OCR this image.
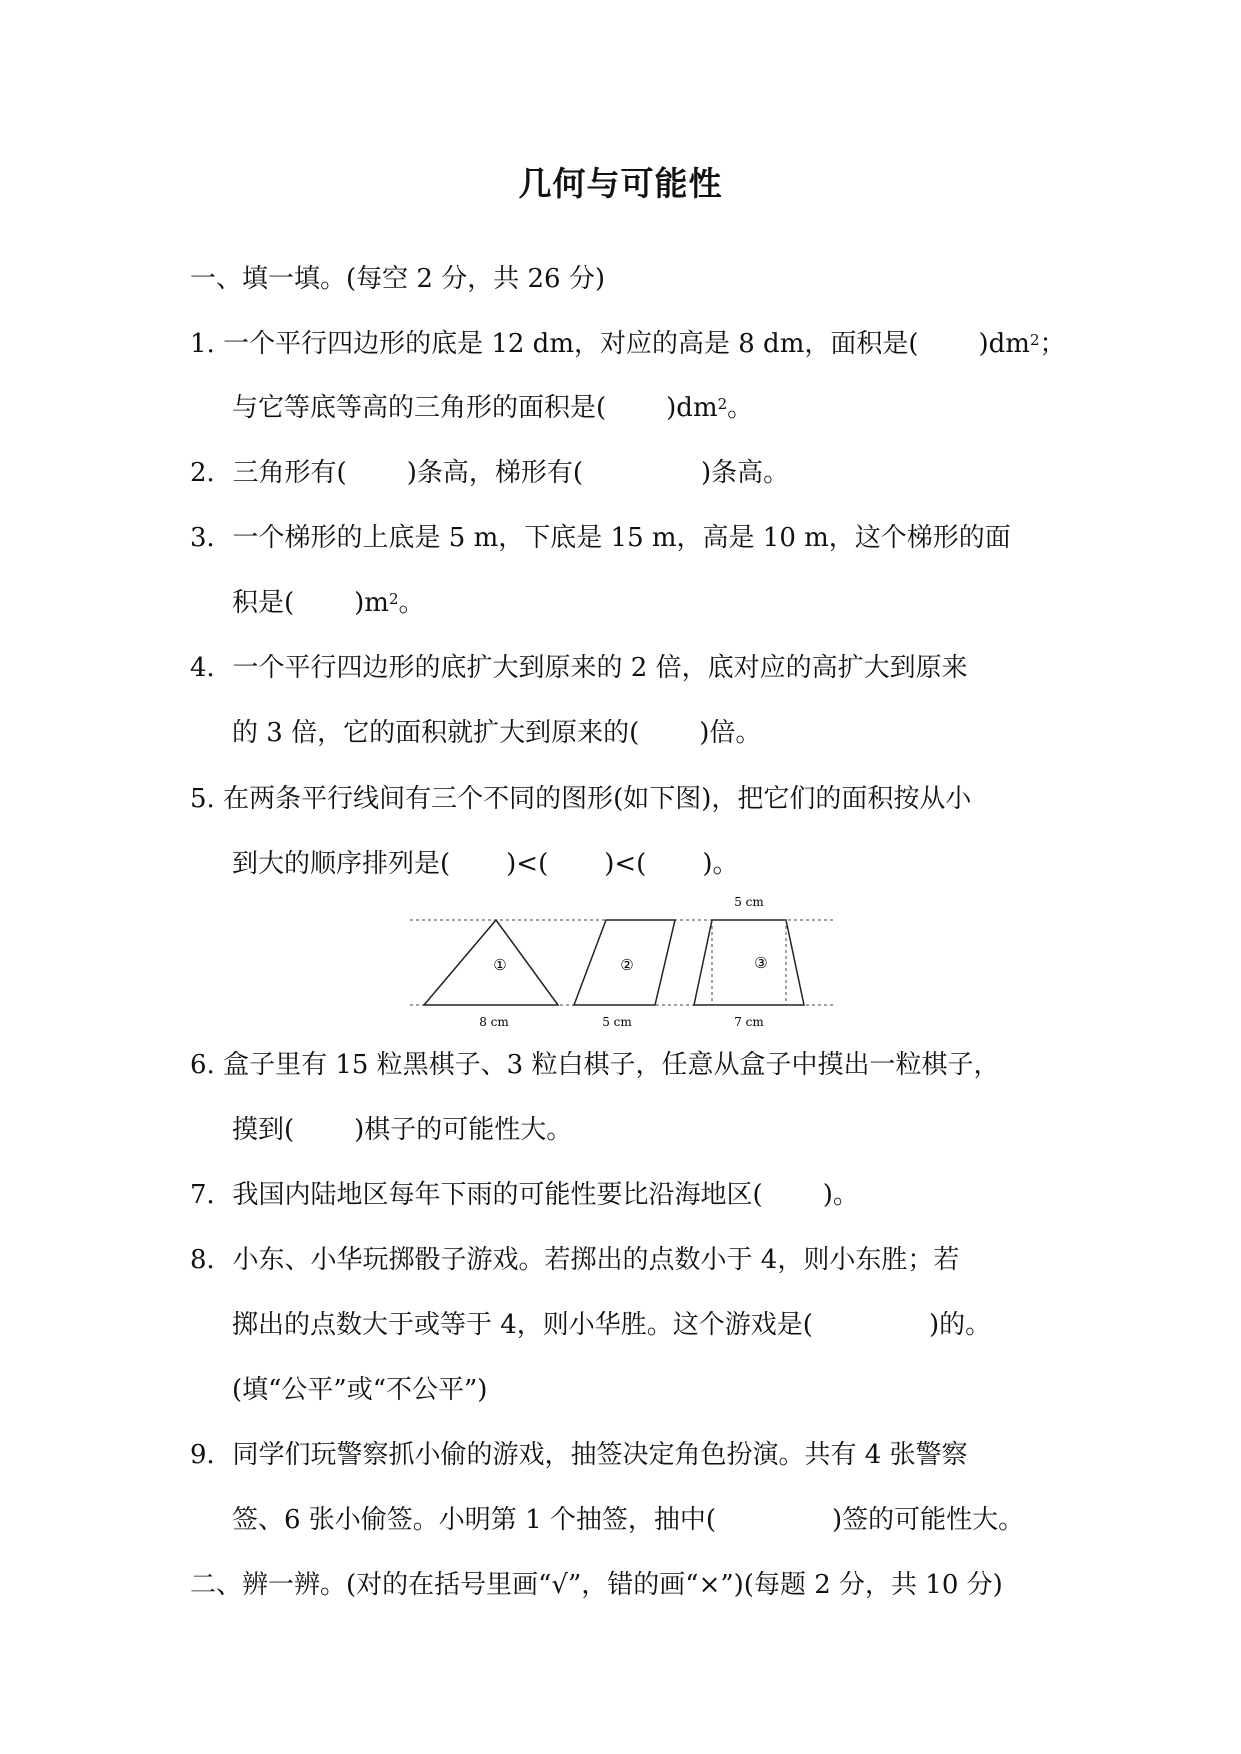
几何与可能性
一、填一填。(每空 2 分，共 26 分)
1. 一个平行四边形的底是 12 dm，对应的高是 8 dm，面积是( )$dm^2$；
与它等底等高的三角形的面积是( )$dm^2$。
2．三角形有( )条高，梯形有(	)条高。
3．一个梯形的上底是 5 m，下底是 15 m，高是 10 m，这个梯形的面
积是( )$m^2$。
4．一个平行四边形的底扩大到原来的 2 倍，底对应的高扩大到原来
的 3 倍，它的面积就扩大到原来的( )倍。
5. 在两条平行线间有三个不同的图形(如下图)，把它们的面积按从小
到大的顺序排列是( )<( )<( )。
5 cm
①	②	③
8 cm	5 cm	7 cm
6. 盒子里有 15 粒黑棋子、3 粒白棋子，任意从盒子中摸出一粒棋子，
摸到( )棋子的可能性大。
7．我国内陆地区每年下雨的可能性要比沿海地区( )。
8．小东、小华玩掷骰子游戏。若掷出的点数小于 4，则小东胜；若
掷出的点数大于或等于 4，则小华胜。这个游戏是(	)的。
(填“公平”或“不公平”)
9．同学们玩警察抓小偷的游戏，抽签决定角色扮演。共有 4 张警察
签、6 张小偷签。小明第 1 个抽签，抽中(	)签的可能性大。
二、辨一辨。(对的在括号里画“√”，错的画“×”)(每题 2 分，共 10 分)
